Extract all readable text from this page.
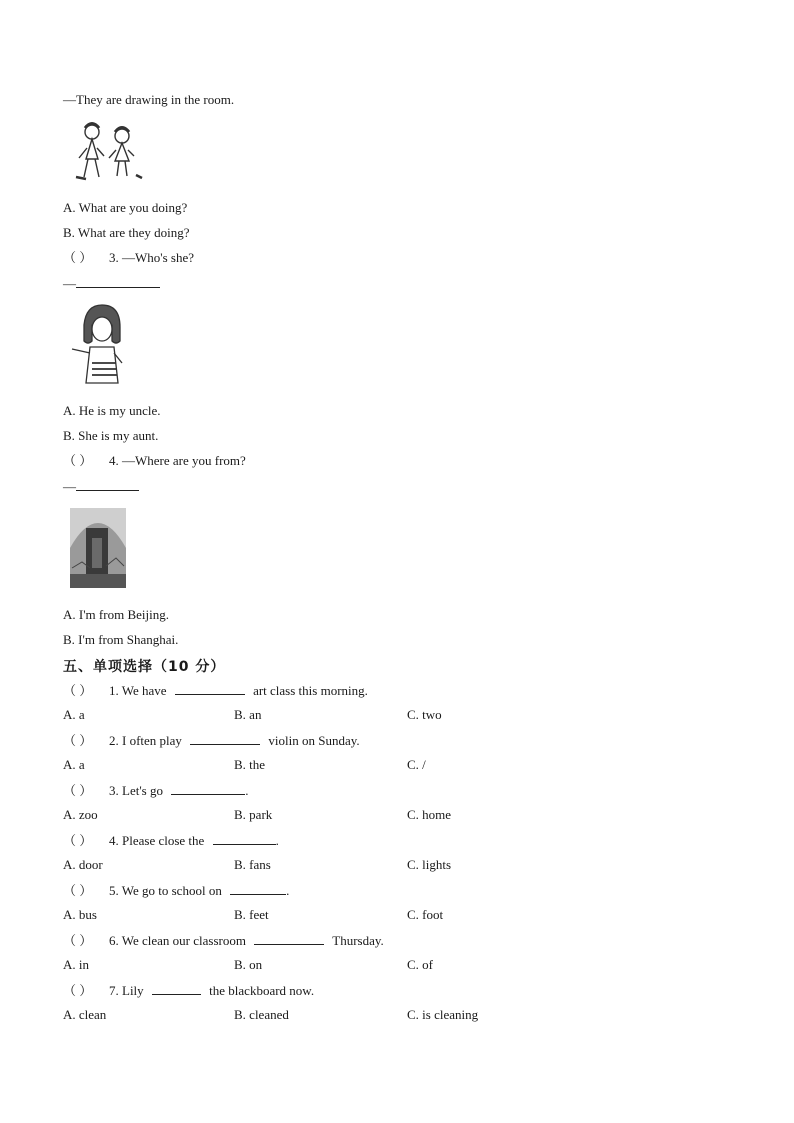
—They are drawing in the room.
A. What are you doing?
B. What are they doing?
（ ） 3. —Who's she?
—
A. He is my uncle.
B. She is my aunt.
（ ） 4. —Where are you from?
—
A. I'm from Beijing.
B. I'm from Shanghai.
五、单项选择（10 分）
（ ） 1. We have	art class this morning.
A. a	B. an	C. two
（ ） 2. I often play	violin on Sunday.
A. a	B. the	C. /
（ ） 3. Let's go	.
A. zoo	B. park	C. home
（ ） 4. Please close the	.
A. door	B. fans	C. lights
（ ） 5. We go to school on	.
A. bus	B. feet	C. foot
（ ） 6. We clean our classroom	Thursday.
A. in	B. on	C. of
（ ） 7. Lily	the blackboard now.
A. clean	B. cleaned	C. is cleaning
